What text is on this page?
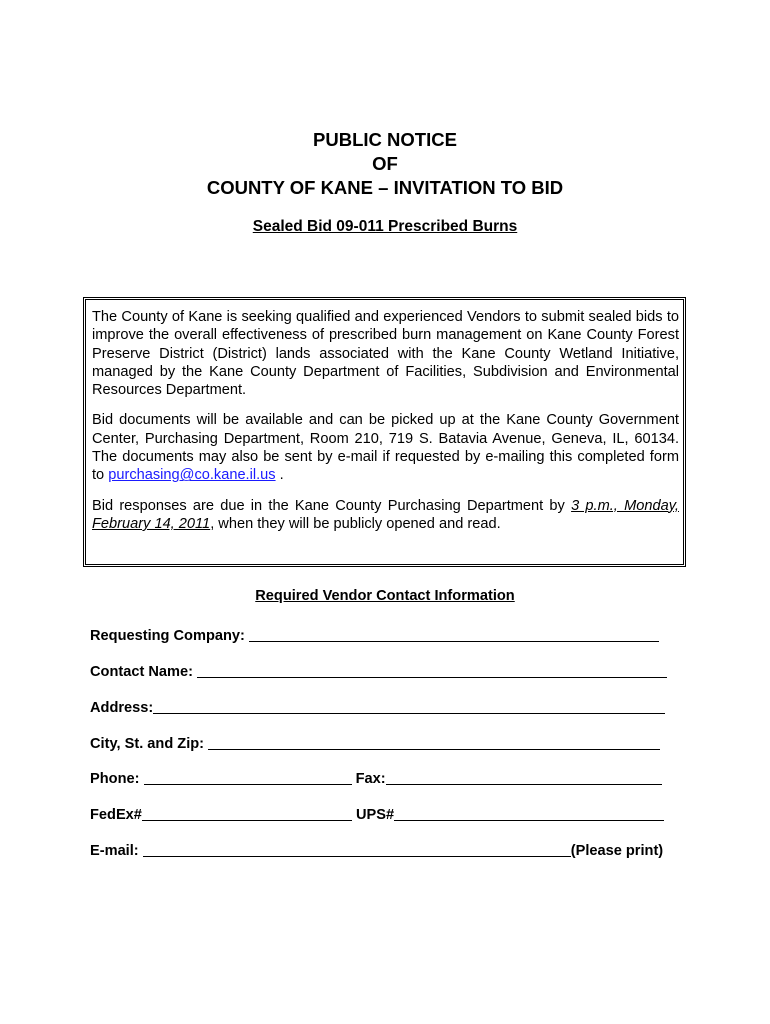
PUBLIC NOTICE
OF
COUNTY OF KANE – INVITATION TO BID
Sealed Bid 09-011 Prescribed Burns

The County of Kane is seeking qualified and experienced Vendors to submit sealed bids to improve the overall effectiveness of prescribed burn management on Kane County Forest Preserve District (District) lands associated with the Kane County Wetland Initiative, managed by the Kane County Department of Facilities, Subdivision and Environmental Resources Department.

Bid documents will be available and can be picked up at the Kane County Government Center, Purchasing Department, Room 210, 719 S. Batavia Avenue, Geneva, IL, 60134. The documents may also be sent by e-mail if requested by e-mailing this completed form to purchasing@co.kane.il.us .

Bid responses are due in the Kane County Purchasing Department by 3 p.m., Monday, February 14, 2011, when they will be publicly opened and read.

Required Vendor Contact Information
Requesting Company:
Contact Name:
Address:
City, St. and Zip:
Phone:	Fax:
FedEx#	UPS#
E-mail:	(Please print)
